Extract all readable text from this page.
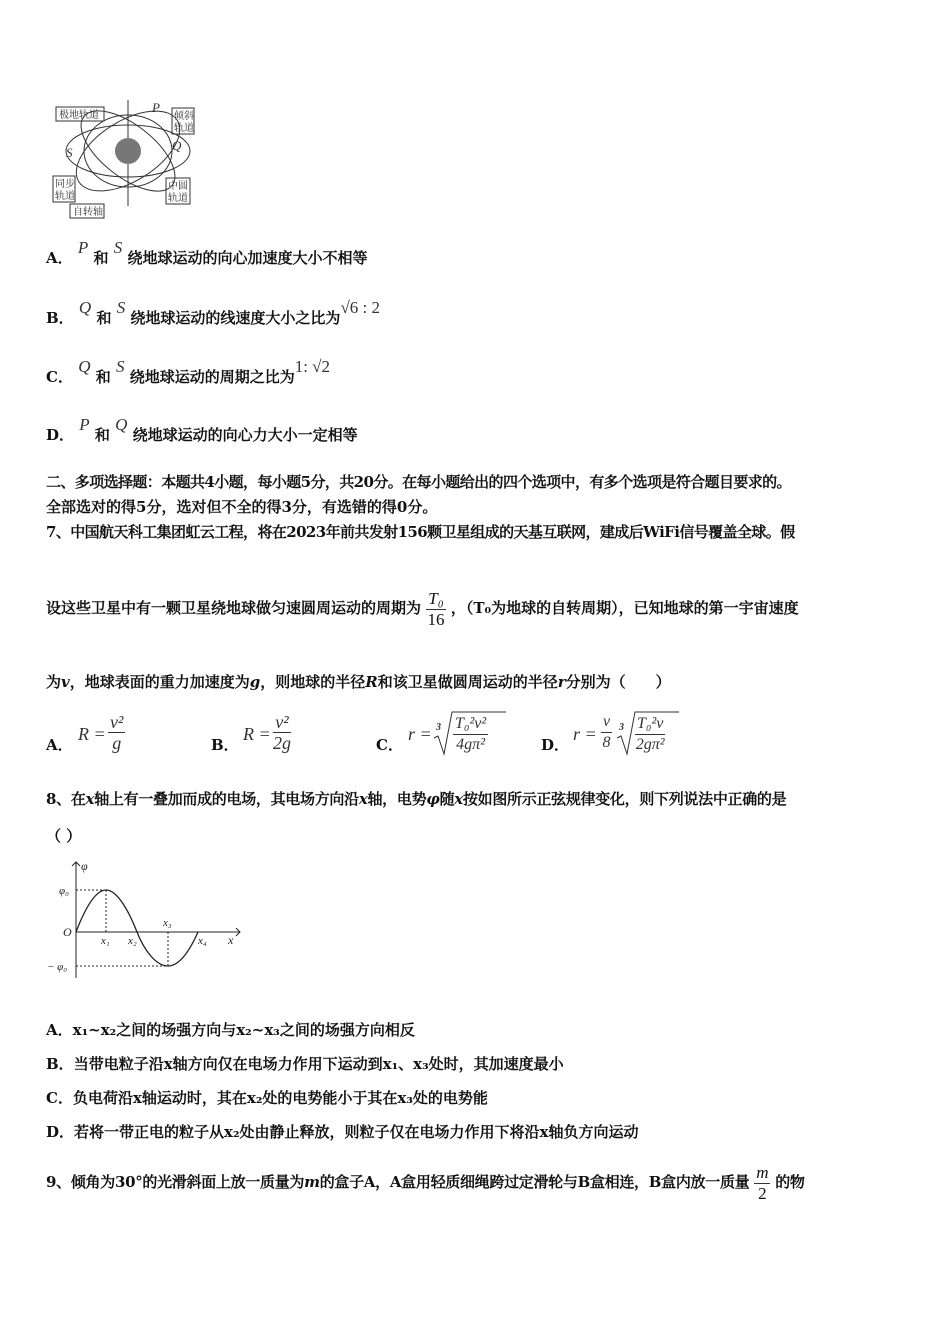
极地轨道
P
倾斜
轨道
S	Q
同步
轨道
中圆
轨道
自转轴
A． P 和 S 绕地球运动的向心加速度大小不相等
B． Q 和 S 绕地球运动的线速度大小之比为√6 : 2
C． Q 和 S 绕地球运动的周期之比为1: √2
D． P 和 Q 绕地球运动的向心力大小一定相等
二、多项选择题：本题共4小题，每小题5分，共20分。在每小题给出的四个选项中，有多个选项是符合题目要求的。
全部选对的得5分，选对但不全的得3分，有选错的得0分。
7、中国航天科工集团虹云工程，将在2023年前共发射156颗卫星组成的天基互联网，建成后WiFi信号覆盖全球。假
设这些卫星中有一颗卫星绕地球做匀速圆周运动的周期为 $\frac{\text{T₀}}{16}$ ，（T₀为地球的自转周期），已知地球的第一宇宙速度
为v，地球表面的重力加速度为g，则地球的半径R和该卫星做圆周运动的半径r分别为（　　）
A．
$R = \frac{\text{v²}}{g}$	B．
$R = \frac{\text{v²}}{2g}$	C．
$r = 3 \frac{\text{T₀²v²}}{\text{4gπ²}}$	D．
$r = \frac{v}{8} 3 \frac{\text{T₀²v}}{\text{2gπ²}}$
8、在x轴上有一叠加而成的电场，其电场方向沿x轴，电势φ随x按如图所示正弦规律变化，则下列说法中正确的是
（ ）
φ
φ₀
− φ₀
O
x₁ x₂
x₃
x₄ x
A．x₁~x₂之间的场强方向与x₂~x₃之间的场强方向相反
B．当带电粒子沿x轴方向仅在电场力作用下运动到x₁、x₃处时，其加速度最小
C．负电荷沿x轴运动时，其在x₂处的电势能小于其在x₃处的电势能
D．若将一带正电的粒子从x₂处由静止释放，则粒子仅在电场力作用下将沿x轴负方向运动
9、倾角为30°的光滑斜面上放一质量为m的盒子A，A盒用轻质细绳跨过定滑轮与B盒相连，B盒内放一质量 $\frac{m}{2}$ 的物
